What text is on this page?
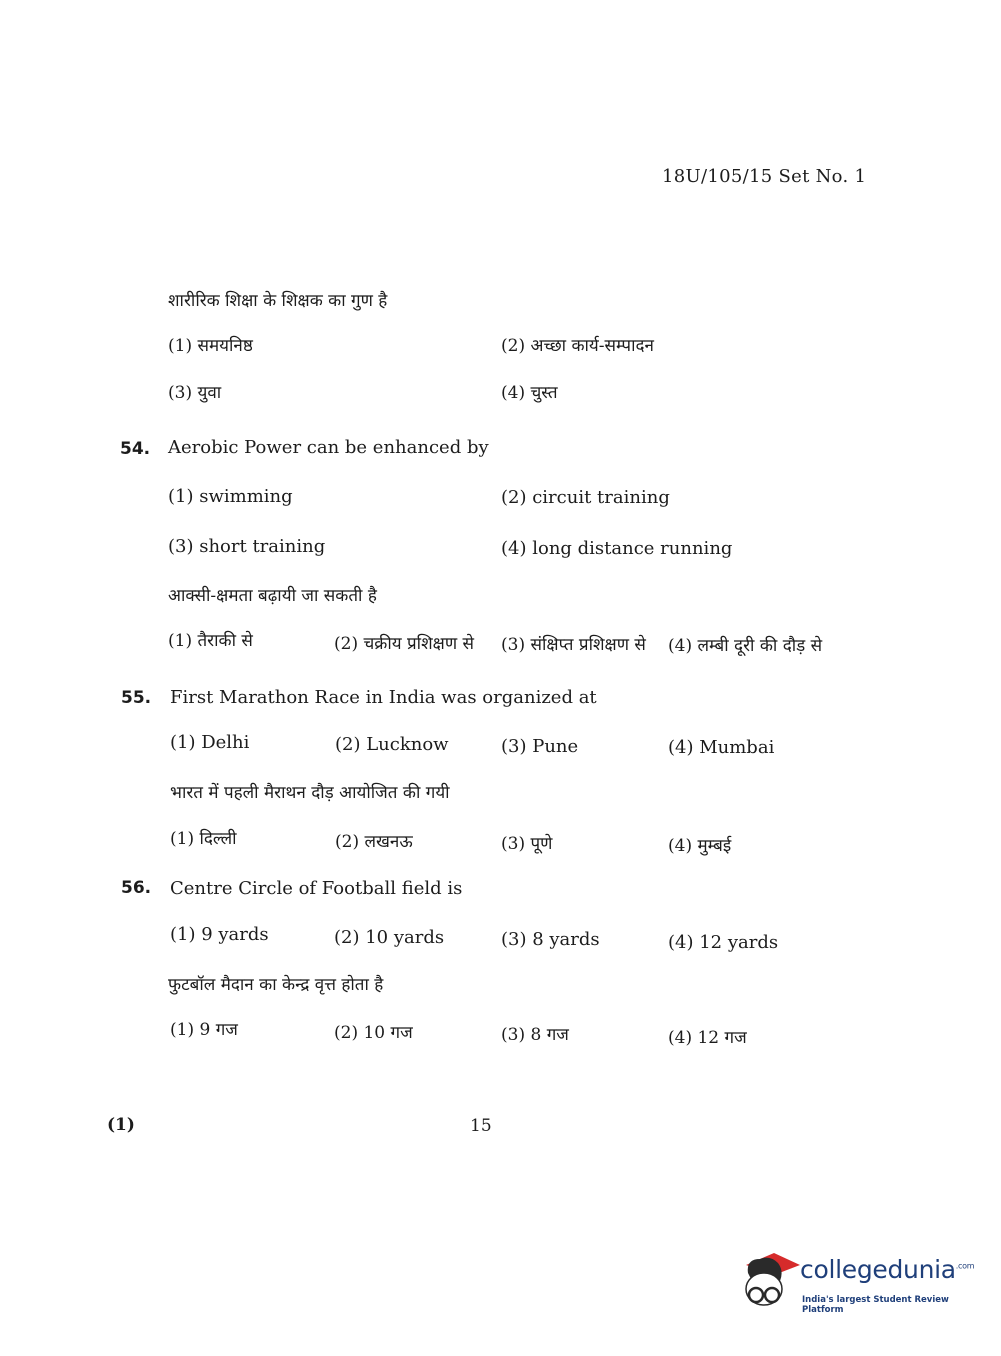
18U/105/15 Set No. 1
शारीरिक शिक्षा के शिक्षक का गुण है
(1) समयनिष्ठ	(2) अच्छा कार्य-सम्पादन
(3) युवा	(4) चुस्त
54. Aerobic Power can be enhanced by
(1) swimming	(2) circuit training
(3) short training	(4) long distance running
आक्सी-क्षमता बढ़ायी जा सकती है
(1) तैराकी से	(2) चक्रीय प्रशिक्षण से (3) संक्षिप्त प्रशिक्षण से (4) लम्बी दूरी की दौड़ से
55. First Marathon Race in India was organized at
(1) Delhi	(2) Lucknow	(3) Pune	(4) Mumbai
भारत में पहली मैराथन दौड़ आयोजित की गयी
(1) दिल्ली	(2) लखनऊ	(3) पूणे	(4) मुम्बई
56. Centre Circle of Football field is
(1) 9 yards	(2) 10 yards	(3) 8 yards	(4) 12 yards
फुटबॉल मैदान का केन्द्र वृत्त होता है
(1) 9 गज	(2) 10 गज	(3) 8 गज	(4) 12 गज
(1)	15
collegedunia$^{.com}$
India's largest Student Review Platform
